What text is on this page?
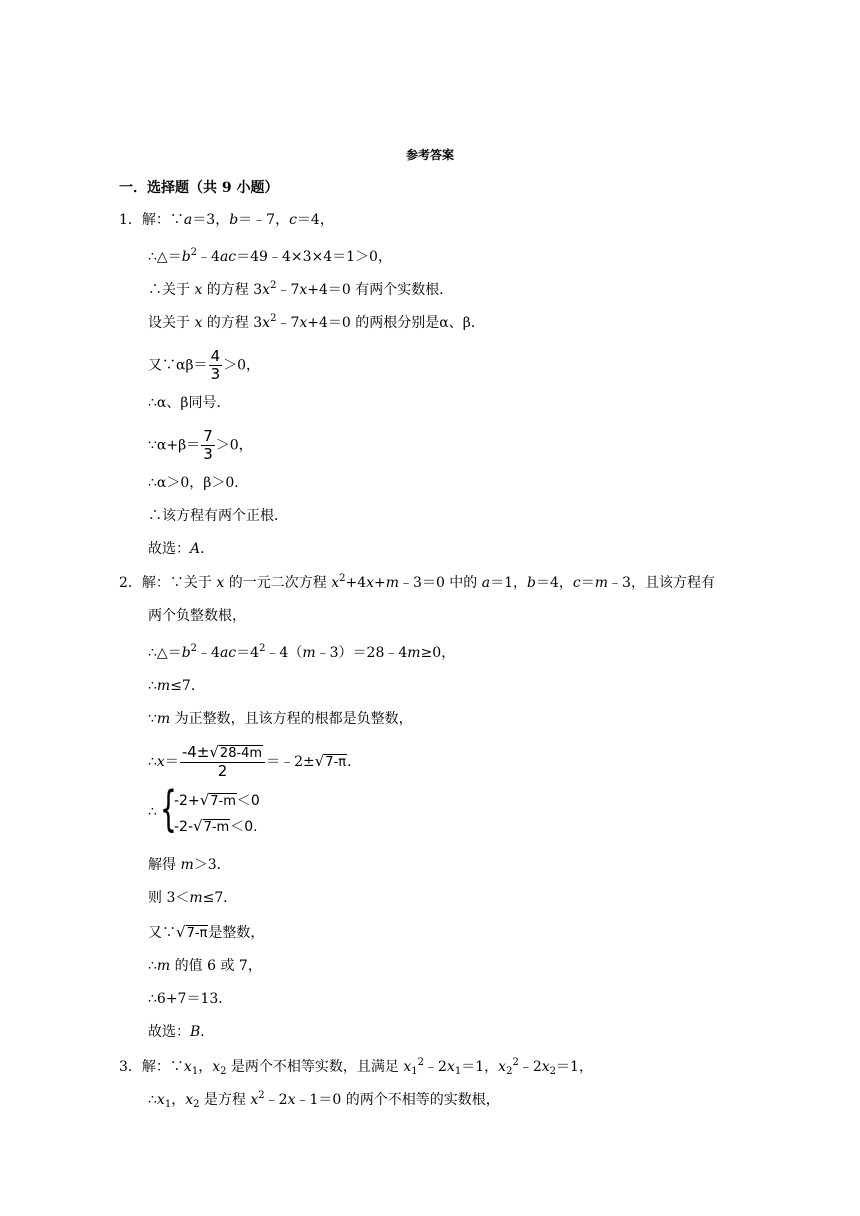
参考答案
一．选择题（共 9 小题）
1．解：∵a＝3，b＝﹣7，c＝4，
$\therefore\triangle=b^2﹣4ac=49﹣4\times 3\times 4=1>0$，
∴关于 x 的方程 $3x^2﹣7x+4=0$ 有两个实数根．
设关于 x 的方程 $3x^2﹣7x+4=0$ 的两根分别是α、β．
又∵αβ＝ $\frac{4}{3} >0$，
∴α、β同号．
∵α+β＝ $\frac{7}{3} >0$，
∴α＞0，β＞0．
∴该方程有两个正根．
故选：A．
2．解：∵关于 x 的一元二次方程 $x^2+4x+m﹣3=0$ 中的 a＝1，b＝4，c＝m﹣3，且该方程有
两个负整数根，
$\therefore\triangle=b^2﹣4ac=4^2﹣4(m﹣3)=28﹣4m\ge 0$，
∴m≤7．
∵m 为正整数，且该方程的根都是负整数，
∴x＝ $\frac{-4\pm√28-4m}{2}$ ＝﹣2±√7-π.
∴ {
-2+√7-m＜0
-2-√7-m＜0.
解得 m＞3．
则 3＜m≤7．
又∵√7-π是整数，
∴m 的值 6 或 7，
∴6+7＝13．
故选：B．
3．解：$\because x_1$，$x_2$ 是两个不相等实数，且满足 $x_1^2﹣2x_1=1$，$x_2^2﹣2x_2=1$，
$\therefore x_1$，$x_2$ 是方程 $x^2﹣2x﹣1=0$ 的两个不相等的实数根，
